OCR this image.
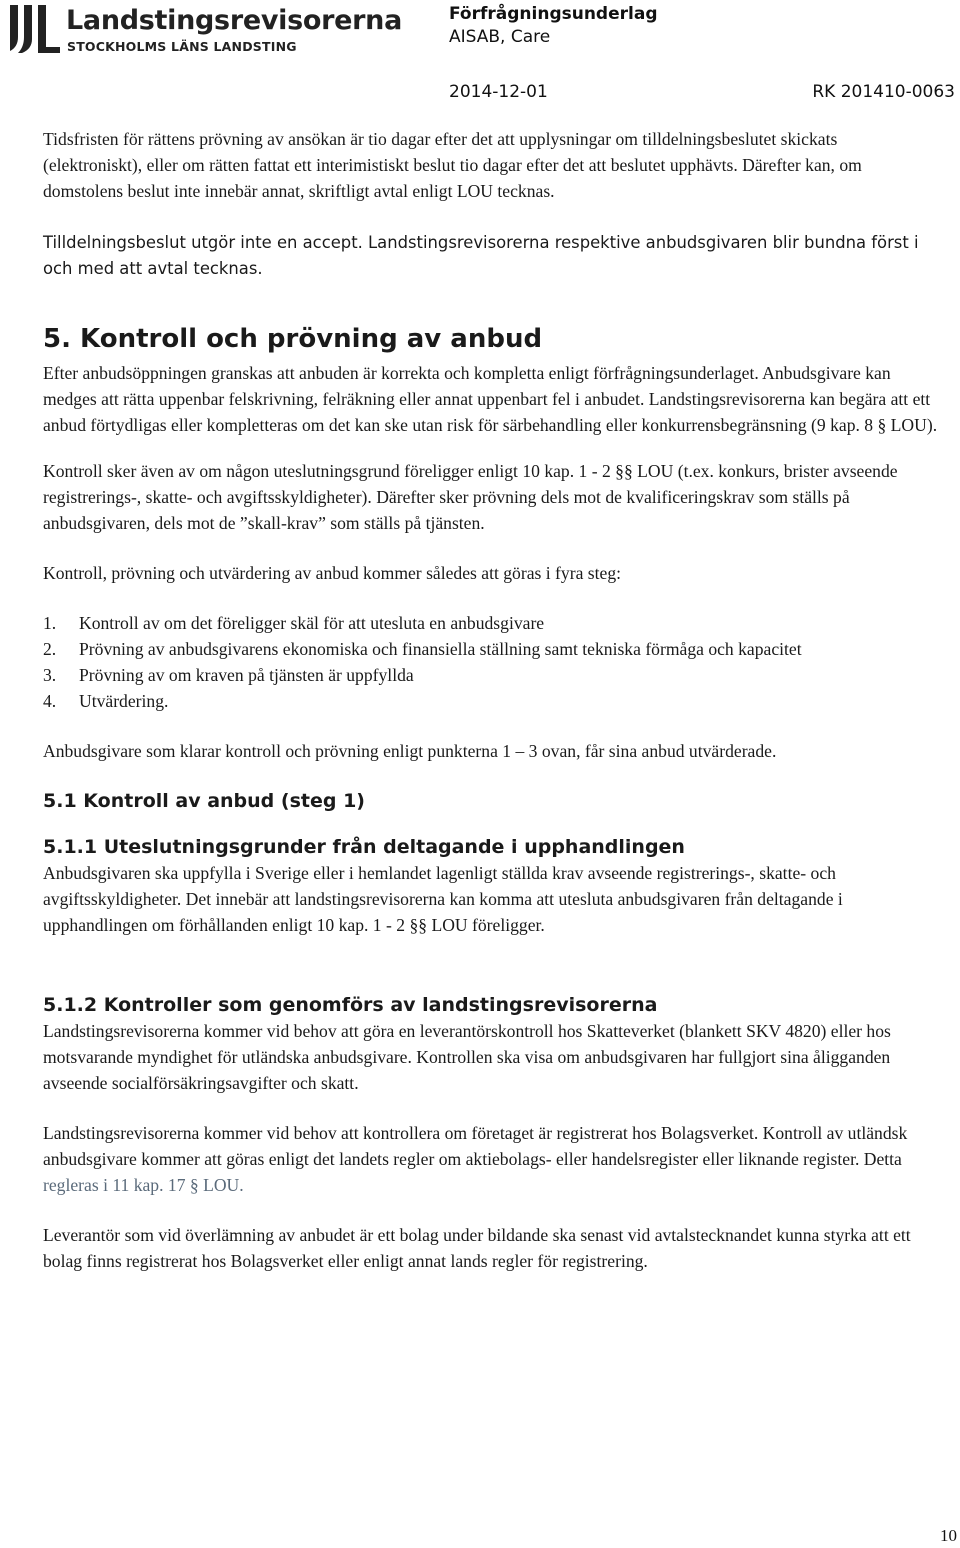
Landstingsrevisorerna
STOCKHOLMS LÄNS LANDSTING
Förfrågningsunderlag
AISAB, Care
2014-12-01	RK 201410-0063

Tidsfristen för rättens prövning av ansökan är tio dagar efter det att upplysningar om tilldelningsbeslutet skickats (elektroniskt), eller om rätten fattat ett interimistiskt beslut tio dagar efter det att beslutet upphävts. Därefter kan, om domstolens beslut inte innebär annat, skriftligt avtal enligt LOU tecknas.

Tilldelningsbeslut utgör inte en accept. Landstingsrevisorerna respektive anbudsgivaren blir bundna först i och med att avtal tecknas.

5. Kontroll och prövning av anbud

Efter anbudsöppningen granskas att anbuden är korrekta och kompletta enligt förfrågningsunderlaget. Anbudsgivare kan medges att rätta uppenbar felskrivning, felräkning eller annat uppenbart fel i anbudet. Landstingsrevisorerna kan begära att ett anbud förtydligas eller kompletteras om det kan ske utan risk för särbehandling eller konkurrensbegränsning (9 kap. 8 § LOU).

Kontroll sker även av om någon uteslutningsgrund föreligger enligt 10 kap. 1 - 2 §§ LOU (t.ex. konkurs, brister avseende registrerings-, skatte- och avgiftsskyldigheter). Därefter sker prövning dels mot de kvalificeringskrav som ställs på anbudsgivaren, dels mot de ”skall-krav” som ställs på tjänsten.

Kontroll, prövning och utvärdering av anbud kommer således att göras i fyra steg:

1.	Kontroll av om det föreligger skäl för att utesluta en anbudsgivare
2.	Prövning av anbudsgivarens ekonomiska och finansiella ställning samt tekniska förmåga och kapacitet
3.	Prövning av om kraven på tjänsten är uppfyllda
4.	Utvärdering.

Anbudsgivare som klarar kontroll och prövning enligt punkterna 1 – 3 ovan, får sina anbud utvärderade.

5.1 Kontroll av anbud (steg 1)
5.1.1 Uteslutningsgrunder från deltagande i upphandlingen

Anbudsgivaren ska uppfylla i Sverige eller i hemlandet lagenligt ställda krav avseende registrerings-, skatte- och avgiftsskyldigheter. Det innebär att landstingsrevisorerna kan komma att utesluta anbudsgivaren från deltagande i upphandlingen om förhållanden enligt 10 kap. 1 - 2 §§ LOU föreligger.

5.1.2 Kontroller som genomförs av landstingsrevisorerna

Landstingsrevisorerna kommer vid behov att göra en leverantörskontroll hos Skatteverket (blankett SKV 4820) eller hos motsvarande myndighet för utländska anbudsgivare. Kontrollen ska visa om anbudsgivaren har fullgjort sina åligganden avseende socialförsäkringsavgifter och skatt.

Landstingsrevisorerna kommer vid behov att kontrollera om företaget är registrerat hos Bolagsverket. Kontroll av utländsk anbudsgivare kommer att göras enligt det landets regler om aktiebolags- eller handelsregister eller liknande register. Detta regleras i 11 kap. 17 § LOU.

Leverantör som vid överlämning av anbudet är ett bolag under bildande ska senast vid avtalstecknandet kunna styrka att ett bolag finns registrerat hos Bolagsverket eller enligt annat lands regler för registrering.

10
